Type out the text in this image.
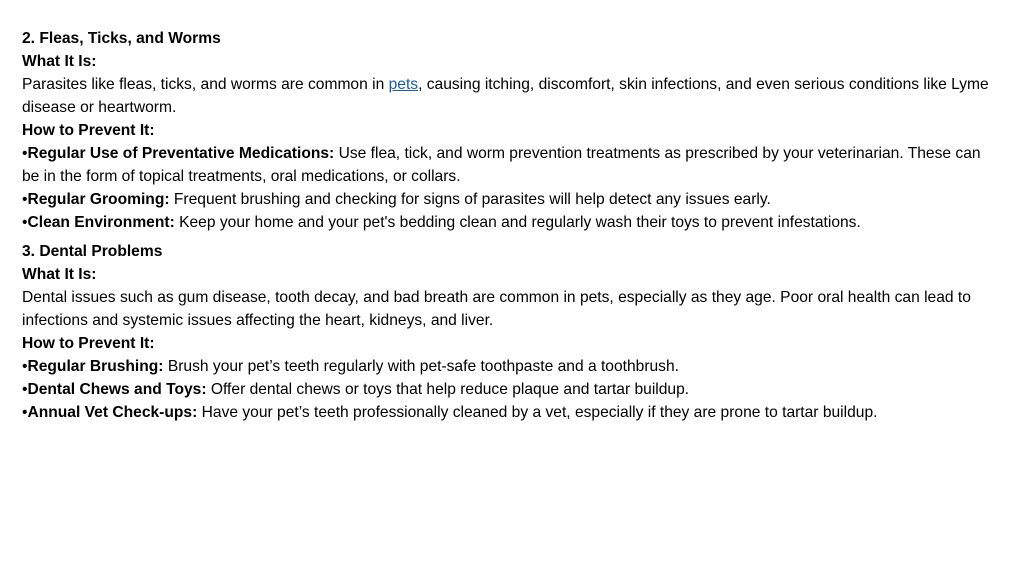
2. Fleas, Ticks, and Worms
What It Is:
Parasites like fleas, ticks, and worms are common in pets, causing itching, discomfort, skin infections, and even serious conditions like Lyme disease or heartworm.
How to Prevent It:
•Regular Use of Preventative Medications: Use flea, tick, and worm prevention treatments as prescribed by your veterinarian. These can be in the form of topical treatments, oral medications, or collars.
•Regular Grooming: Frequent brushing and checking for signs of parasites will help detect any issues early.
•Clean Environment: Keep your home and your pet's bedding clean and regularly wash their toys to prevent infestations.
3. Dental Problems
What It Is:
Dental issues such as gum disease, tooth decay, and bad breath are common in pets, especially as they age. Poor oral health can lead to infections and systemic issues affecting the heart, kidneys, and liver.
How to Prevent It:
•Regular Brushing: Brush your pet’s teeth regularly with pet-safe toothpaste and a toothbrush.
•Dental Chews and Toys: Offer dental chews or toys that help reduce plaque and tartar buildup.
•Annual Vet Check-ups: Have your pet’s teeth professionally cleaned by a vet, especially if they are prone to tartar buildup.
